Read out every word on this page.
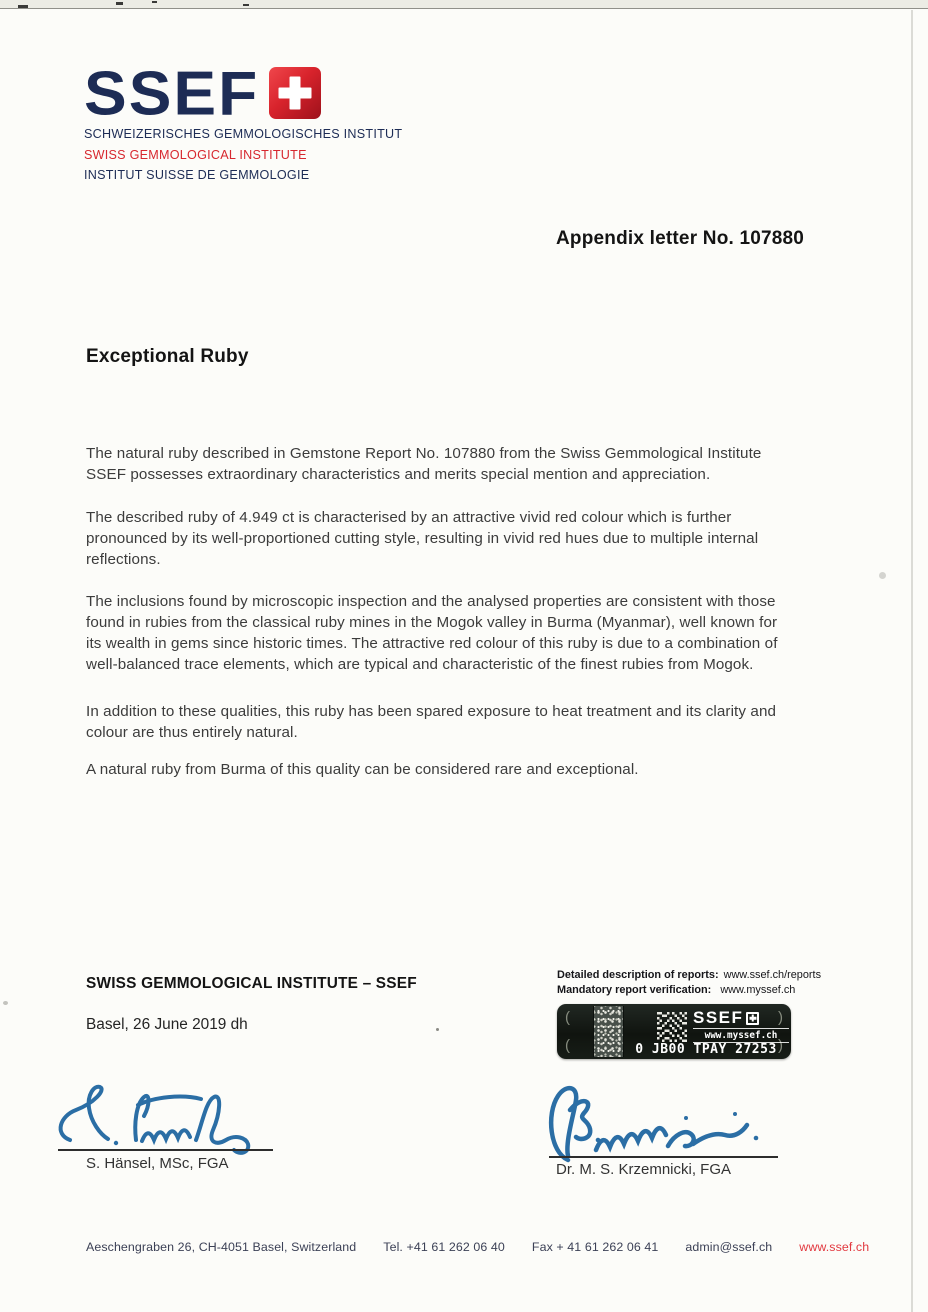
SSEF
SCHWEIZERISCHES GEMMOLOGISCHES INSTITUT
SWISS GEMMOLOGICAL INSTITUTE
INSTITUT SUISSE DE GEMMOLOGIE
Appendix letter No. 107880
Exceptional Ruby

The natural ruby described in Gemstone Report No. 107880 from the Swiss Gemmological Institute SSEF possesses extraordinary characteristics and merits special mention and appreciation.

The described ruby of 4.949 ct is characterised by an attractive vivid red colour which is further pronounced by its well-proportioned cutting style, resulting in vivid red hues due to multiple internal reflections.

The inclusions found by microscopic inspection and the analysed properties are consistent with those found in rubies from the classical ruby mines in the Mogok valley in Burma (Myanmar), well known for its wealth in gems since historic times. The attractive red colour of this ruby is due to a combination of well-balanced trace elements, which are typical and characteristic of the finest rubies from Mogok.

In addition to these qualities, this ruby has been spared exposure to heat treatment and its clarity and colour are thus entirely natural.

A natural ruby from Burma of this quality can be considered rare and exceptional.

SWISS GEMMOLOGICAL INSTITUTE – SSEF
Basel, 26 June 2019 dh
Detailed description of reports: www.ssef.ch/reports
Mandatory report verification: www.myssef.ch
(
(
)
)
SSEF
www.myssef.ch
0 JB00 TPAY 27253
S. Hänsel, MSc, FGA	Dr. M. S. Krzemnicki, FGA
Aeschengraben 26, CH-4051 Basel, Switzerland Tel. +41 61 262 06 40 Fax + 41 61 262 06 41 admin@ssef.ch www.ssef.ch
